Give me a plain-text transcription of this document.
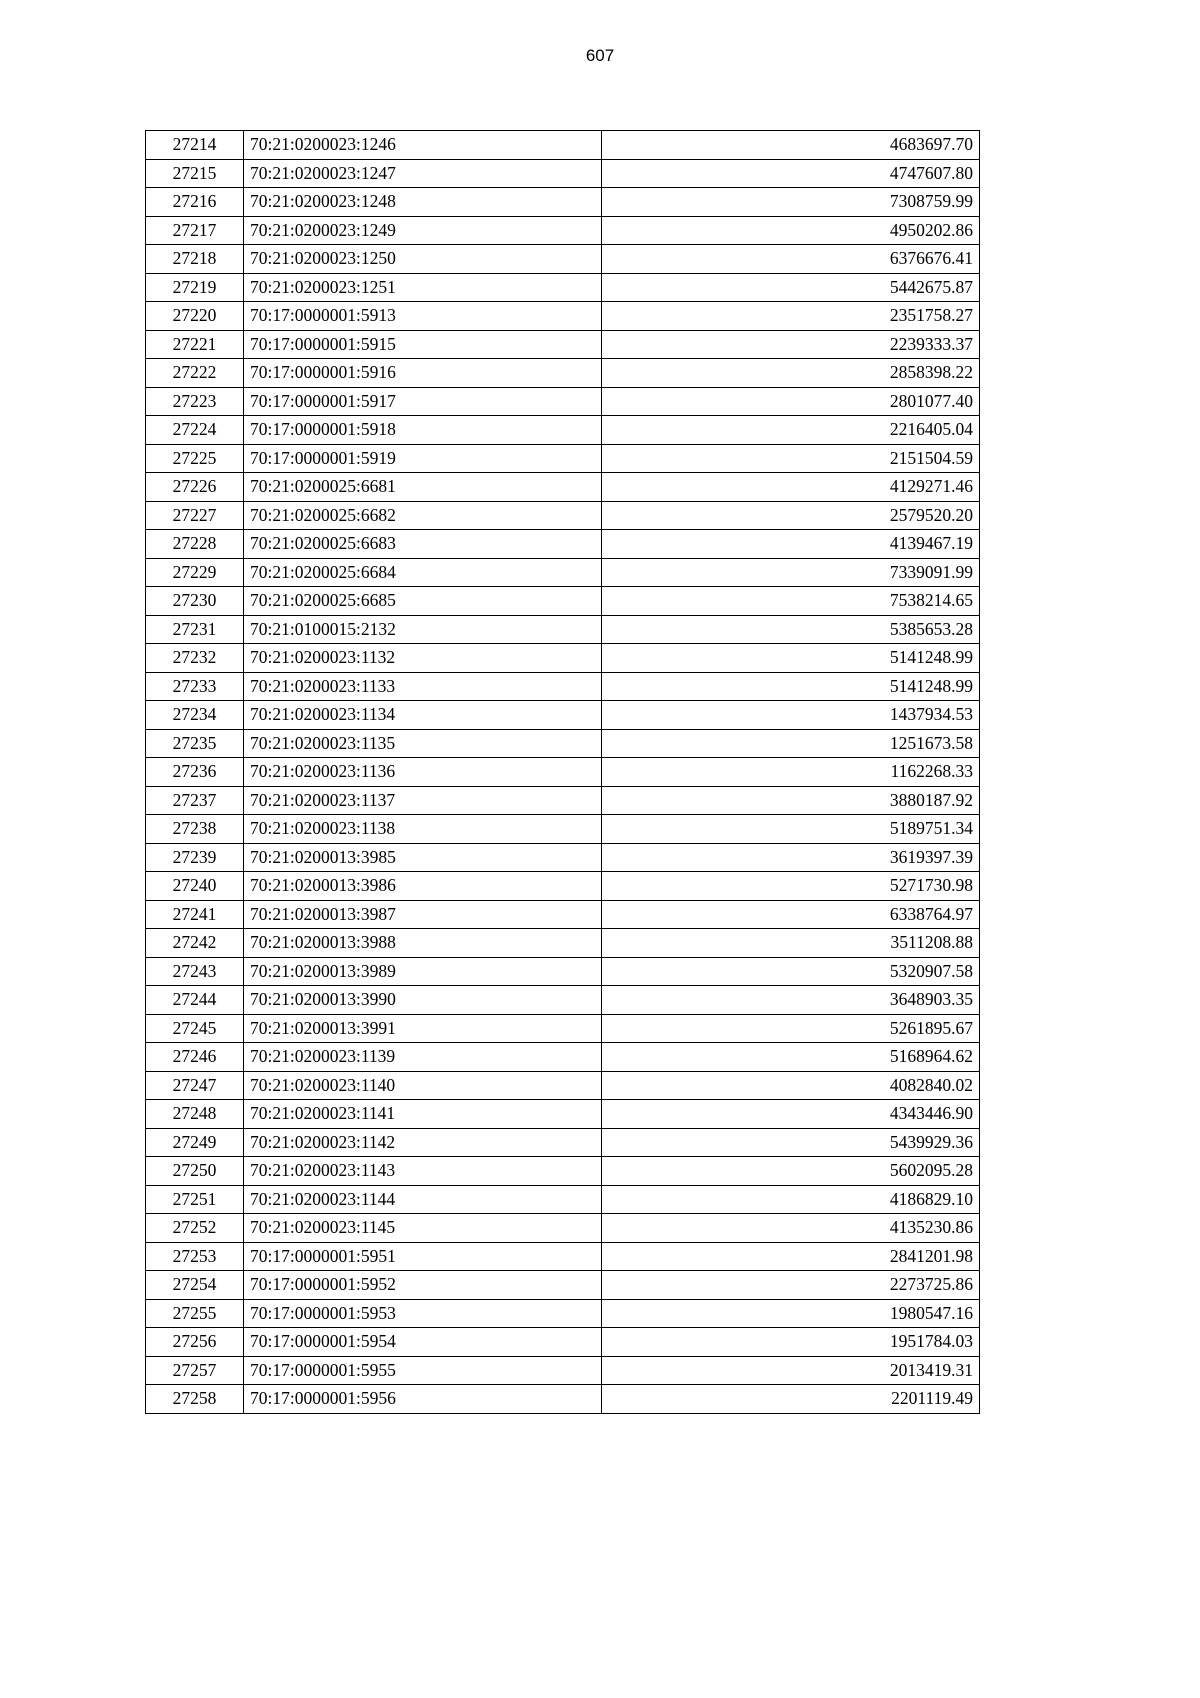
607
27214	70:21:0200023:1246	4683697.70
27215	70:21:0200023:1247	4747607.80
27216	70:21:0200023:1248	7308759.99
27217	70:21:0200023:1249	4950202.86
27218	70:21:0200023:1250	6376676.41
27219	70:21:0200023:1251	5442675.87
27220	70:17:0000001:5913	2351758.27
27221	70:17:0000001:5915	2239333.37
27222	70:17:0000001:5916	2858398.22
27223	70:17:0000001:5917	2801077.40
27224	70:17:0000001:5918	2216405.04
27225	70:17:0000001:5919	2151504.59
27226	70:21:0200025:6681	4129271.46
27227	70:21:0200025:6682	2579520.20
27228	70:21:0200025:6683	4139467.19
27229	70:21:0200025:6684	7339091.99
27230	70:21:0200025:6685	7538214.65
27231	70:21:0100015:2132	5385653.28
27232	70:21:0200023:1132	5141248.99
27233	70:21:0200023:1133	5141248.99
27234	70:21:0200023:1134	1437934.53
27235	70:21:0200023:1135	1251673.58
27236	70:21:0200023:1136	1162268.33
27237	70:21:0200023:1137	3880187.92
27238	70:21:0200023:1138	5189751.34
27239	70:21:0200013:3985	3619397.39
27240	70:21:0200013:3986	5271730.98
27241	70:21:0200013:3987	6338764.97
27242	70:21:0200013:3988	3511208.88
27243	70:21:0200013:3989	5320907.58
27244	70:21:0200013:3990	3648903.35
27245	70:21:0200013:3991	5261895.67
27246	70:21:0200023:1139	5168964.62
27247	70:21:0200023:1140	4082840.02
27248	70:21:0200023:1141	4343446.90
27249	70:21:0200023:1142	5439929.36
27250	70:21:0200023:1143	5602095.28
27251	70:21:0200023:1144	4186829.10
27252	70:21:0200023:1145	4135230.86
27253	70:17:0000001:5951	2841201.98
27254	70:17:0000001:5952	2273725.86
27255	70:17:0000001:5953	1980547.16
27256	70:17:0000001:5954	1951784.03
27257	70:17:0000001:5955	2013419.31
27258	70:17:0000001:5956	2201119.49
